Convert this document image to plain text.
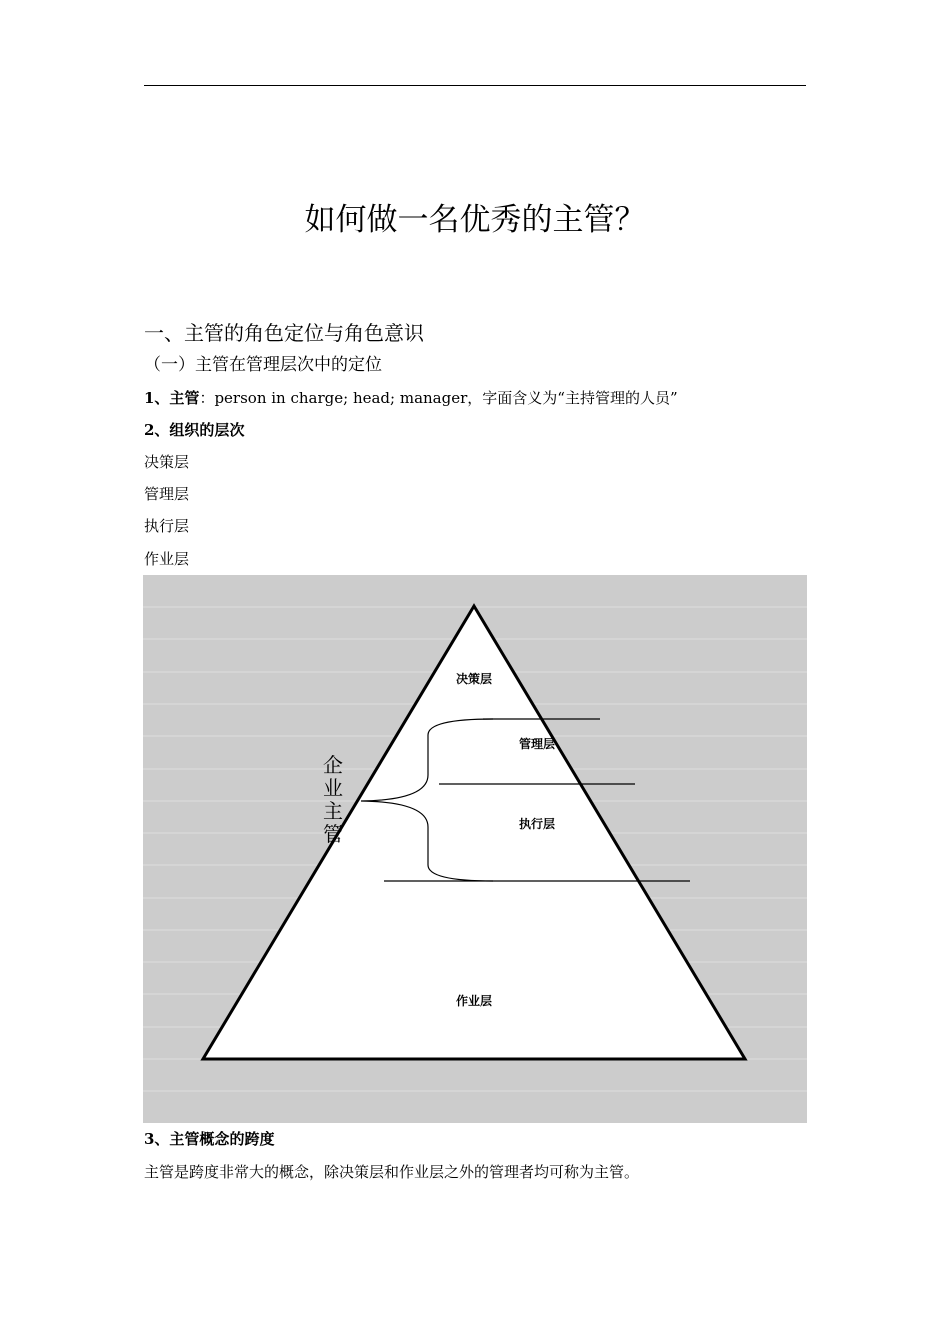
如何做一名优秀的主管？
一、主管的角色定位与角色意识
（一）主管在管理层次中的定位
1、主管：person in charge; head; manager，字面含义为“主持管理的人员”
2、组织的层次
决策层
管理层
执行层
作业层
决策层
管理层
执行层
作业层
企
业
主
管
3、主管概念的跨度
主管是跨度非常大的概念，除决策层和作业层之外的管理者均可称为主管。
